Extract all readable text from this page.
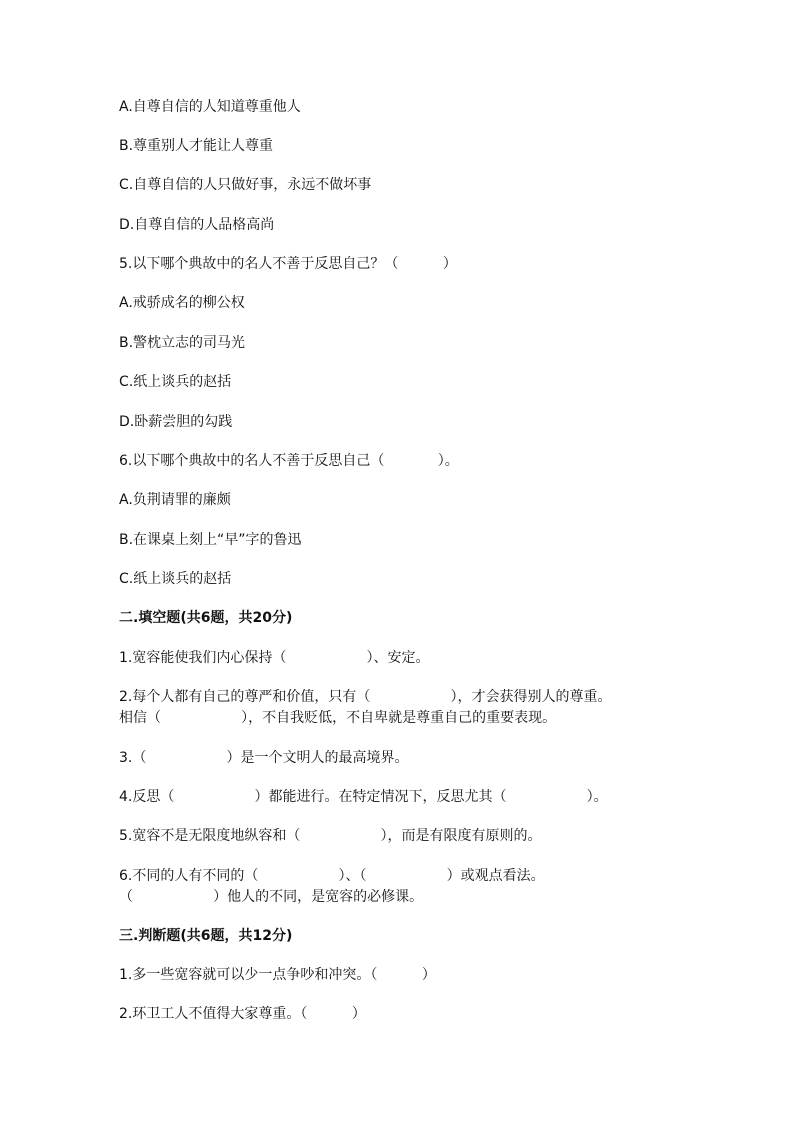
A.自尊自信的人知道尊重他人
B.尊重别人才能让人尊重
C.自尊自信的人只做好事，永远不做坏事
D.自尊自信的人品格高尚
5.以下哪个典故中的名人不善于反思自己？（          ）
A.戒骄成名的柳公权
B.警枕立志的司马光
C.纸上谈兵的赵括
D.卧薪尝胆的勾践
6.以下哪个典故中的名人不善于反思自己（            ）。
A.负荆请罪的廉颇
B.在课桌上刻上“早”字的鲁迅
C.纸上谈兵的赵括
二.填空题(共6题，共20分)
1.宽容能使我们内心保持（                  ）、安定。
2.每个人都有自己的尊严和价值，只有（                  ），才会获得别人的尊重。
相信（                  ），不自我贬低，不自卑就是尊重自己的重要表现。
3.（                  ）是一个文明人的最高境界。
4.反思（                  ）都能进行。在特定情况下，反思尤其（                  ）。
5.宽容不是无限度地纵容和（                  ），而是有限度有原则的。
6.不同的人有不同的（                  ）、（                  ）或观点看法。
（                  ）他人的不同，是宽容的必修课。
三.判断题(共6题，共12分)
1.多一些宽容就可以少一点争吵和冲突。（          ）
2.环卫工人不值得大家尊重。（          ）
